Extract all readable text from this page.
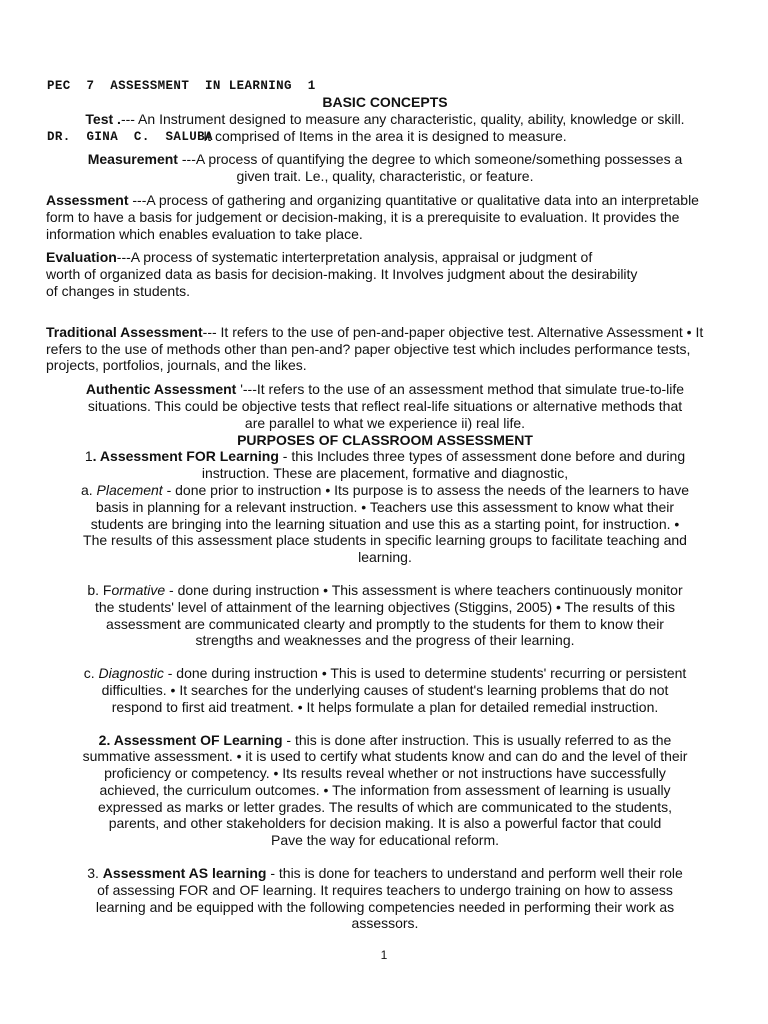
PEC  7  ASSESSMENT  IN LEARNING  1

DR.  GINA  C.  SALUBA

BASIC CONCEPTS

Test .--- An Instrument designed to measure any characteristic, quality, ability, knowledge or skill.
It comprised of Items in the area it is designed to measure.

Measurement ---A process of quantifying the degree to which someone/something possesses a
given trait. Le., quality, characteristic, or feature.

Assessment ---A process of gathering and organizing quantitative or qualitative data into an interpretable form to have a basis for judgement or decision-making, it is a prerequisite to evaluation. It provides the information which enables evaluation to take place.

Evaluation---A process of systematic interterpretation analysis, appraisal or judgment of
worth of organized data as basis for decision-making. It Involves judgment about the desirability
of changes in students.

Traditional Assessment--- It refers to the use of pen-and-paper objective test. Alternative Assessment • It refers to the use of methods other than pen-and? paper objective test which includes performance tests, projects, portfolios, journals, and the likes.

Authentic Assessment '---It refers to the use of an assessment method that simulate true-to-life
situations. This could be objective tests that reflect real-life situations or alternative methods that
are parallel to what we experience ii) real life.

PURPOSES OF CLASSROOM ASSESSMENT

1. Assessment FOR Learning - this Includes three types of assessment done before and during
instruction. These are placement, formative and diagnostic,

a. Placement - done prior to instruction • Its purpose is to assess the needs of the learners to have
basis in planning for a relevant instruction. • Teachers use this assessment to know what their
students are bringing into the learning situation and use this as a starting point, for instruction. •
The results of this assessment place students in specific learning groups to facilitate teaching and
learning.

b. Formative - done during instruction • This assessment is where teachers continuously monitor
the students' level of attainment of the learning objectives (Stiggins, 2005) • The results of this
assessment are communicated clearty and promptly to the students for them to know their
strengths and weaknesses and the progress of their learning.

c. Diagnostic - done during instruction • This is used to determine students' recurring or persistent
difficulties. • It searches for the underlying causes of student's learning problems that do not
respond to first aid treatment. • It helps formulate a plan for detailed remedial instruction.

2. Assessment OF Learning - this is done after instruction. This is usually referred to as the
summative assessment. • it is used to certify what students know and can do and the level of their
proficiency or competency. • Its results reveal whether or not instructions have successfully
achieved, the curriculum outcomes. • The information from assessment of learning is usually
expressed as marks or letter grades. The results of which are communicated to the students,
parents, and other stakeholders for decision making. It is also a powerful factor that could
Pave the way for educational reform.

3. Assessment AS learning - this is done for teachers to understand and perform well their role
of assessing FOR and OF learning. It requires teachers to undergo training on how to assess
learning and be equipped with the following competencies needed in performing their work as
assessors.

1
